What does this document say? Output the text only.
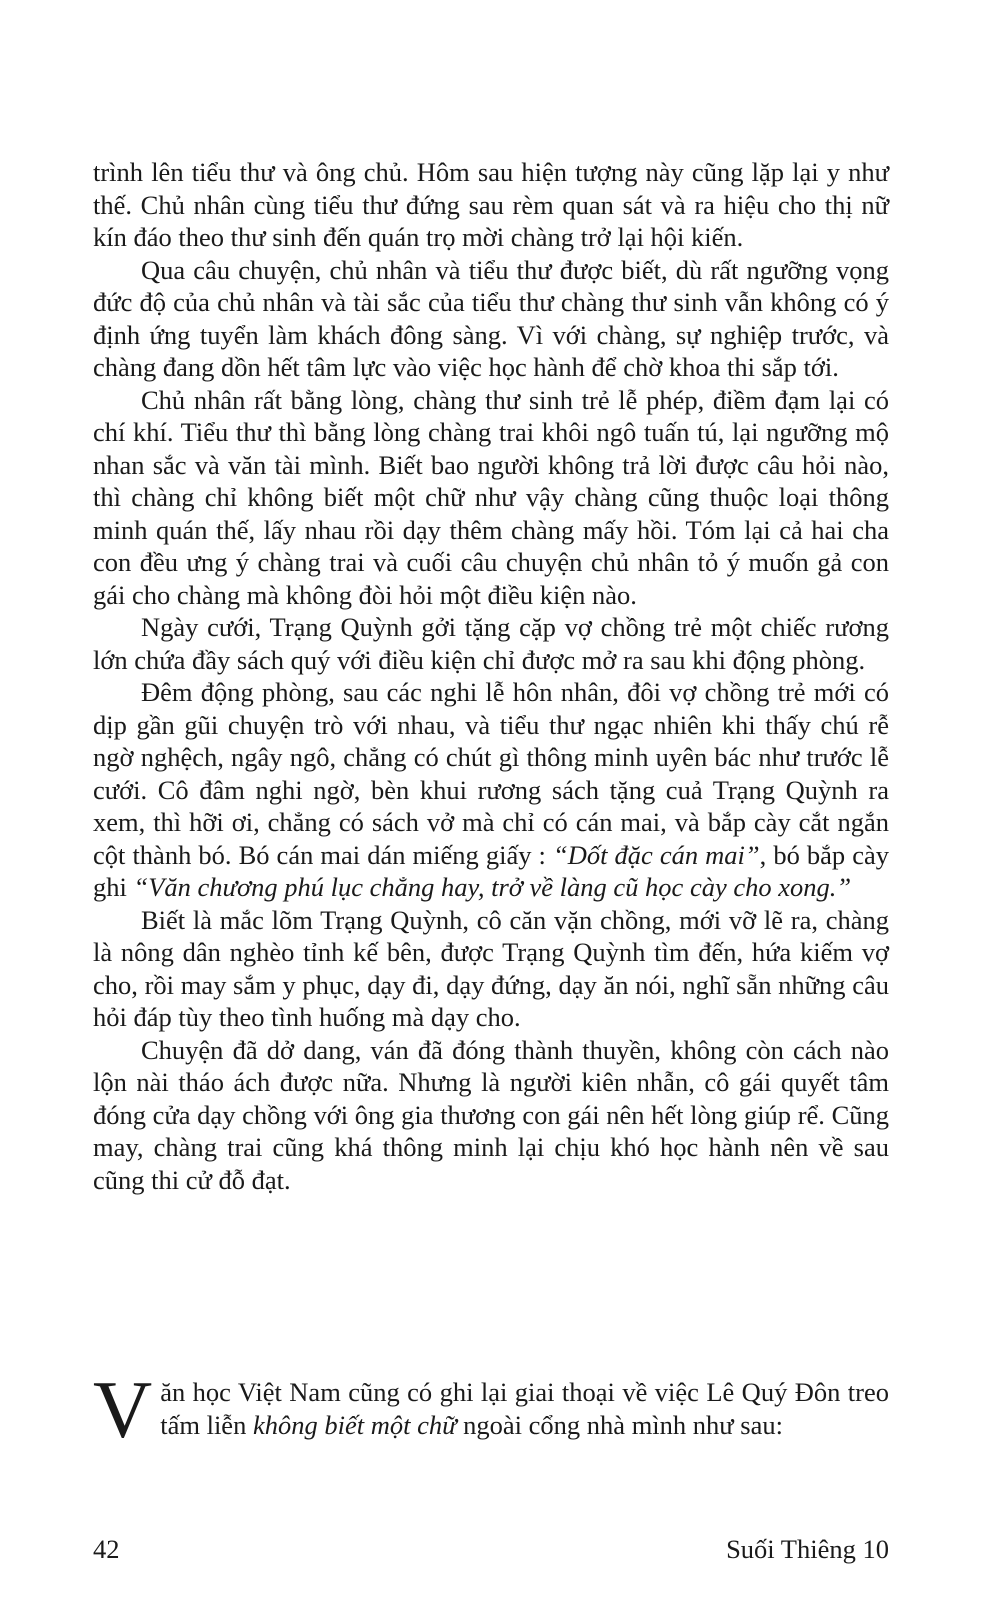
trình lên tiểu thư và ông chủ. Hôm sau hiện tượng này cũng lặp lại y như thế. Chủ nhân cùng tiểu thư đứng sau rèm quan sát và ra hiệu cho thị nữ kín đáo theo thư sinh đến quán trọ mời chàng trở lại hội kiến.

Qua câu chuyện, chủ nhân và tiểu thư được biết, dù rất ngưỡng vọng đức độ của chủ nhân và tài sắc của tiểu thư chàng thư sinh vẫn không có ý định ứng tuyển làm khách đông sàng. Vì với chàng, sự nghiệp trước, và chàng đang dồn hết tâm lực vào việc học hành để chờ khoa thi sắp tới.

Chủ nhân rất bằng lòng, chàng thư sinh trẻ lễ phép, điềm đạm lại có chí khí. Tiểu thư thì bằng lòng chàng trai khôi ngô tuấn tú, lại ngưỡng mộ nhan sắc và văn tài mình. Biết bao người không trả lời được câu hỏi nào, thì chàng chỉ không biết một chữ như vậy chàng cũng thuộc loại thông minh quán thế, lấy nhau rồi dạy thêm chàng mấy hồi. Tóm lại cả hai cha con đều ưng ý chàng trai và cuối câu chuyện chủ nhân tỏ ý muốn gả con gái cho chàng mà không đòi hỏi một điều kiện nào.

Ngày cưới, Trạng Quỳnh gởi tặng cặp vợ chồng trẻ một chiếc rương lớn chứa đầy sách quý với điều kiện chỉ được mở ra sau khi động phòng.

Đêm động phòng, sau các nghi lễ hôn nhân, đôi vợ chồng trẻ mới có dịp gần gũi chuyện trò với nhau, và tiểu thư ngạc nhiên khi thấy chú rễ ngờ nghệch, ngây ngô, chẳng có chút gì thông minh uyên bác như trước lễ cưới. Cô đâm nghi ngờ, bèn khui rương sách tặng cuả Trạng Quỳnh ra xem, thì hỡi ơi, chẳng có sách vở mà chỉ có cán mai, và bắp cày cắt ngắn cột thành bó. Bó cán mai dán miếng giấy : “Dốt đặc cán mai”, bó bắp cày ghi “Văn chương phú lục chẳng hay, trở về làng cũ học cày cho xong.”

Biết là mắc lõm Trạng Quỳnh, cô căn vặn chồng, mới vỡ lẽ ra, chàng là nông dân nghèo tỉnh kế bên, được Trạng Quỳnh tìm đến, hứa kiếm vợ cho, rồi may sắm y phục, dạy đi, dạy đứng, dạy ăn nói, nghĩ sẵn những câu hỏi đáp tùy theo tình huống mà dạy cho.

Chuyện đã dở dang, ván đã đóng thành thuyền, không còn cách nào lộn nài tháo ách được nữa. Nhưng là người kiên nhẫn, cô gái quyết tâm đóng cửa dạy chồng với ông gia thương con gái nên hết lòng giúp rể. Cũng may, chàng trai cũng khá thông minh lại chịu khó học hành nên về sau cũng thi cử đỗ đạt.

Văn học Việt Nam cũng có ghi lại giai thoại về việc Lê Quý Đôn treo tấm liễn không biết một chữ ngoài cổng nhà mình như sau:
42	Suối Thiêng 10
